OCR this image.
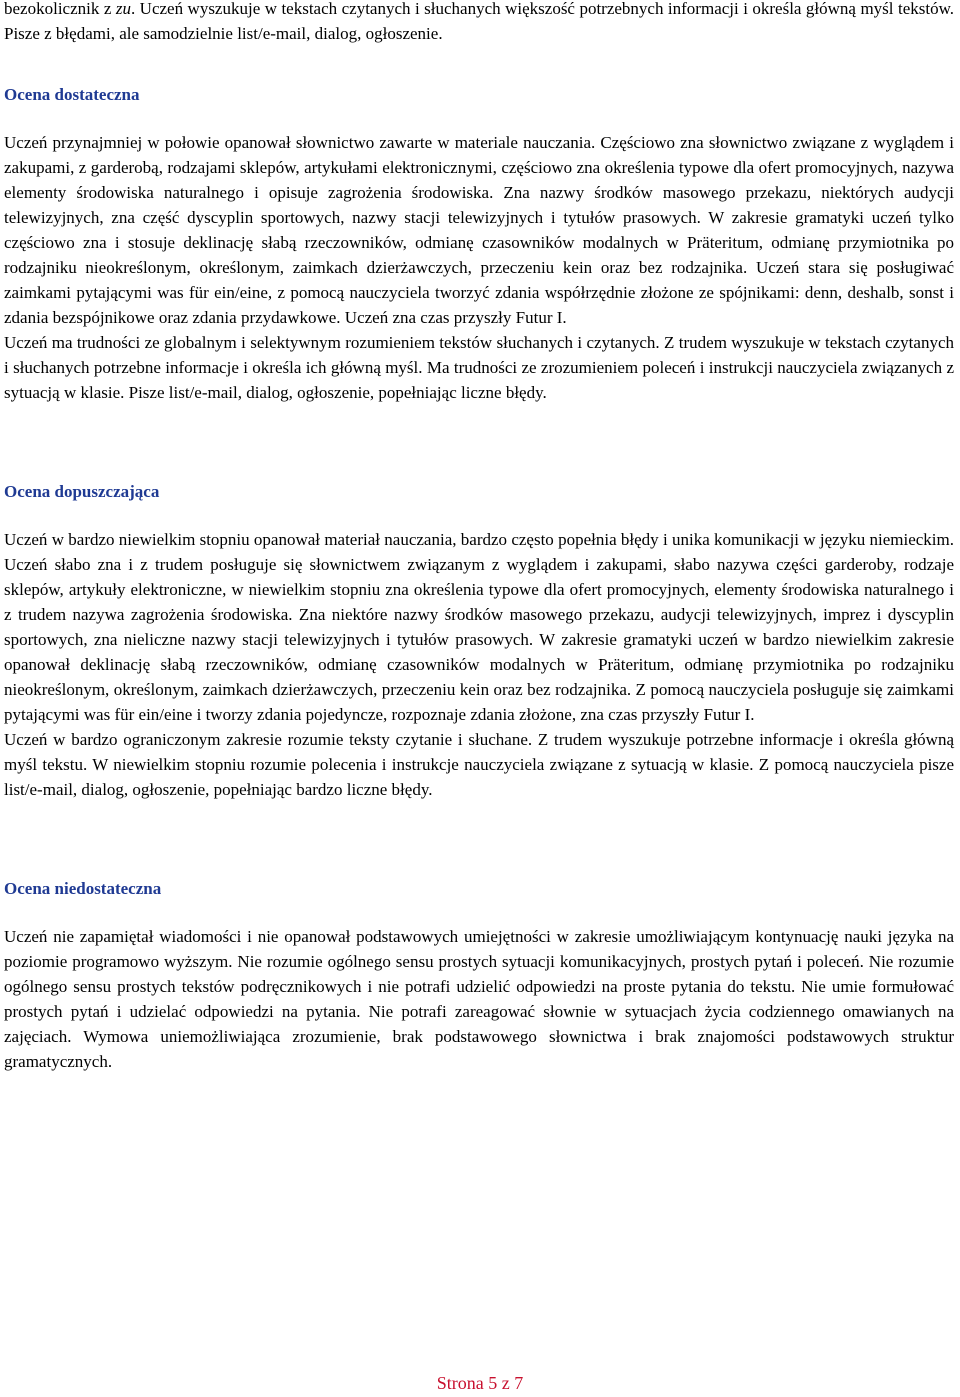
bezokolicznik z zu. Uczeń wyszukuje w tekstach czytanych i słuchanych większość potrzebnych informacji i określa główną myśl tekstów. Pisze z błędami, ale samodzielnie list/e-mail, dialog, ogłoszenie.

Ocena dostateczna

Uczeń przynajmniej w połowie opanował słownictwo zawarte w materiale nauczania. Częściowo zna słownictwo związane z wyglądem i zakupami, z garderobą, rodzajami sklepów, artykułami elektronicznymi, częściowo zna określenia typowe dla ofert promocyjnych, nazywa elementy środowiska naturalnego i opisuje zagrożenia środowiska. Zna nazwy środków masowego przekazu, niektórych audycji telewizyjnych, zna część dyscyplin sportowych, nazwy stacji telewizyjnych i tytułów prasowych. W zakresie gramatyki uczeń tylko częściowo zna i stosuje deklinację słabą rzeczowników, odmianę czasowników modalnych w Präteritum, odmianę przymiotnika po rodzajniku nieokreślonym, określonym, zaimkach dzierżawczych, przeczeniu kein oraz bez rodzajnika. Uczeń stara się posługiwać zaimkami pytającymi was für ein/eine, z pomocą nauczyciela tworzyć zdania współrzędnie złożone ze spójnikami: denn, deshalb, sonst i zdania bezspójnikowe oraz zdania przydawkowe. Uczeń zna czas przyszły Futur I.

Uczeń ma trudności ze globalnym i selektywnym rozumieniem tekstów słuchanych i czytanych. Z trudem wyszukuje w tekstach czytanych i słuchanych potrzebne informacje i określa ich główną myśl. Ma trudności ze zrozumieniem poleceń i instrukcji nauczyciela związanych z sytuacją w klasie. Pisze list/e-mail, dialog, ogłoszenie, popełniając liczne błędy.

Ocena dopuszczająca

Uczeń w bardzo niewielkim stopniu opanował materiał nauczania, bardzo często popełnia błędy i unika komunikacji w języku niemieckim. Uczeń słabo zna i z trudem posługuje się słownictwem związanym z wyglądem i zakupami, słabo nazywa części garderoby, rodzaje sklepów, artykuły elektroniczne, w niewielkim stopniu zna określenia typowe dla ofert promocyjnych, elementy środowiska naturalnego i z trudem nazywa zagrożenia środowiska. Zna niektóre nazwy środków masowego przekazu, audycji telewizyjnych, imprez i dyscyplin sportowych, zna nieliczne nazwy stacji telewizyjnych i tytułów prasowych. W zakresie gramatyki uczeń w bardzo niewielkim zakresie opanował deklinację słabą rzeczowników, odmianę czasowników modalnych w Präteritum, odmianę przymiotnika po rodzajniku nieokreślonym, określonym, zaimkach dzierżawczych, przeczeniu kein oraz bez rodzajnika. Z pomocą nauczyciela posługuje się zaimkami pytającymi was für ein/eine i tworzy zdania pojedyncze, rozpoznaje zdania złożone, zna czas przyszły Futur I.

Uczeń w bardzo ograniczonym zakresie rozumie teksty czytanie i słuchane. Z trudem wyszukuje potrzebne informacje i określa główną myśl tekstu. W niewielkim stopniu rozumie polecenia i instrukcje nauczyciela związane z sytuacją w klasie. Z pomocą nauczyciela pisze list/e-mail, dialog, ogłoszenie, popełniając bardzo liczne błędy.

Ocena niedostateczna

Uczeń nie zapamiętał wiadomości i nie opanował podstawowych umiejętności w zakresie umożliwiającym kontynuację nauki języka na poziomie programowo wyższym. Nie rozumie ogólnego sensu prostych sytuacji komunikacyjnych, prostych pytań i poleceń. Nie rozumie ogólnego sensu prostych tekstów podręcznikowych i nie potrafi udzielić odpowiedzi na proste pytania do tekstu. Nie umie formułować prostych pytań i udzielać odpowiedzi na pytania. Nie potrafi zareagować słownie w sytuacjach życia codziennego omawianych na zajęciach. Wymowa uniemożliwiająca zrozumienie, brak podstawowego słownictwa i brak znajomości podstawowych struktur gramatycznych.

Strona 5 z 7
